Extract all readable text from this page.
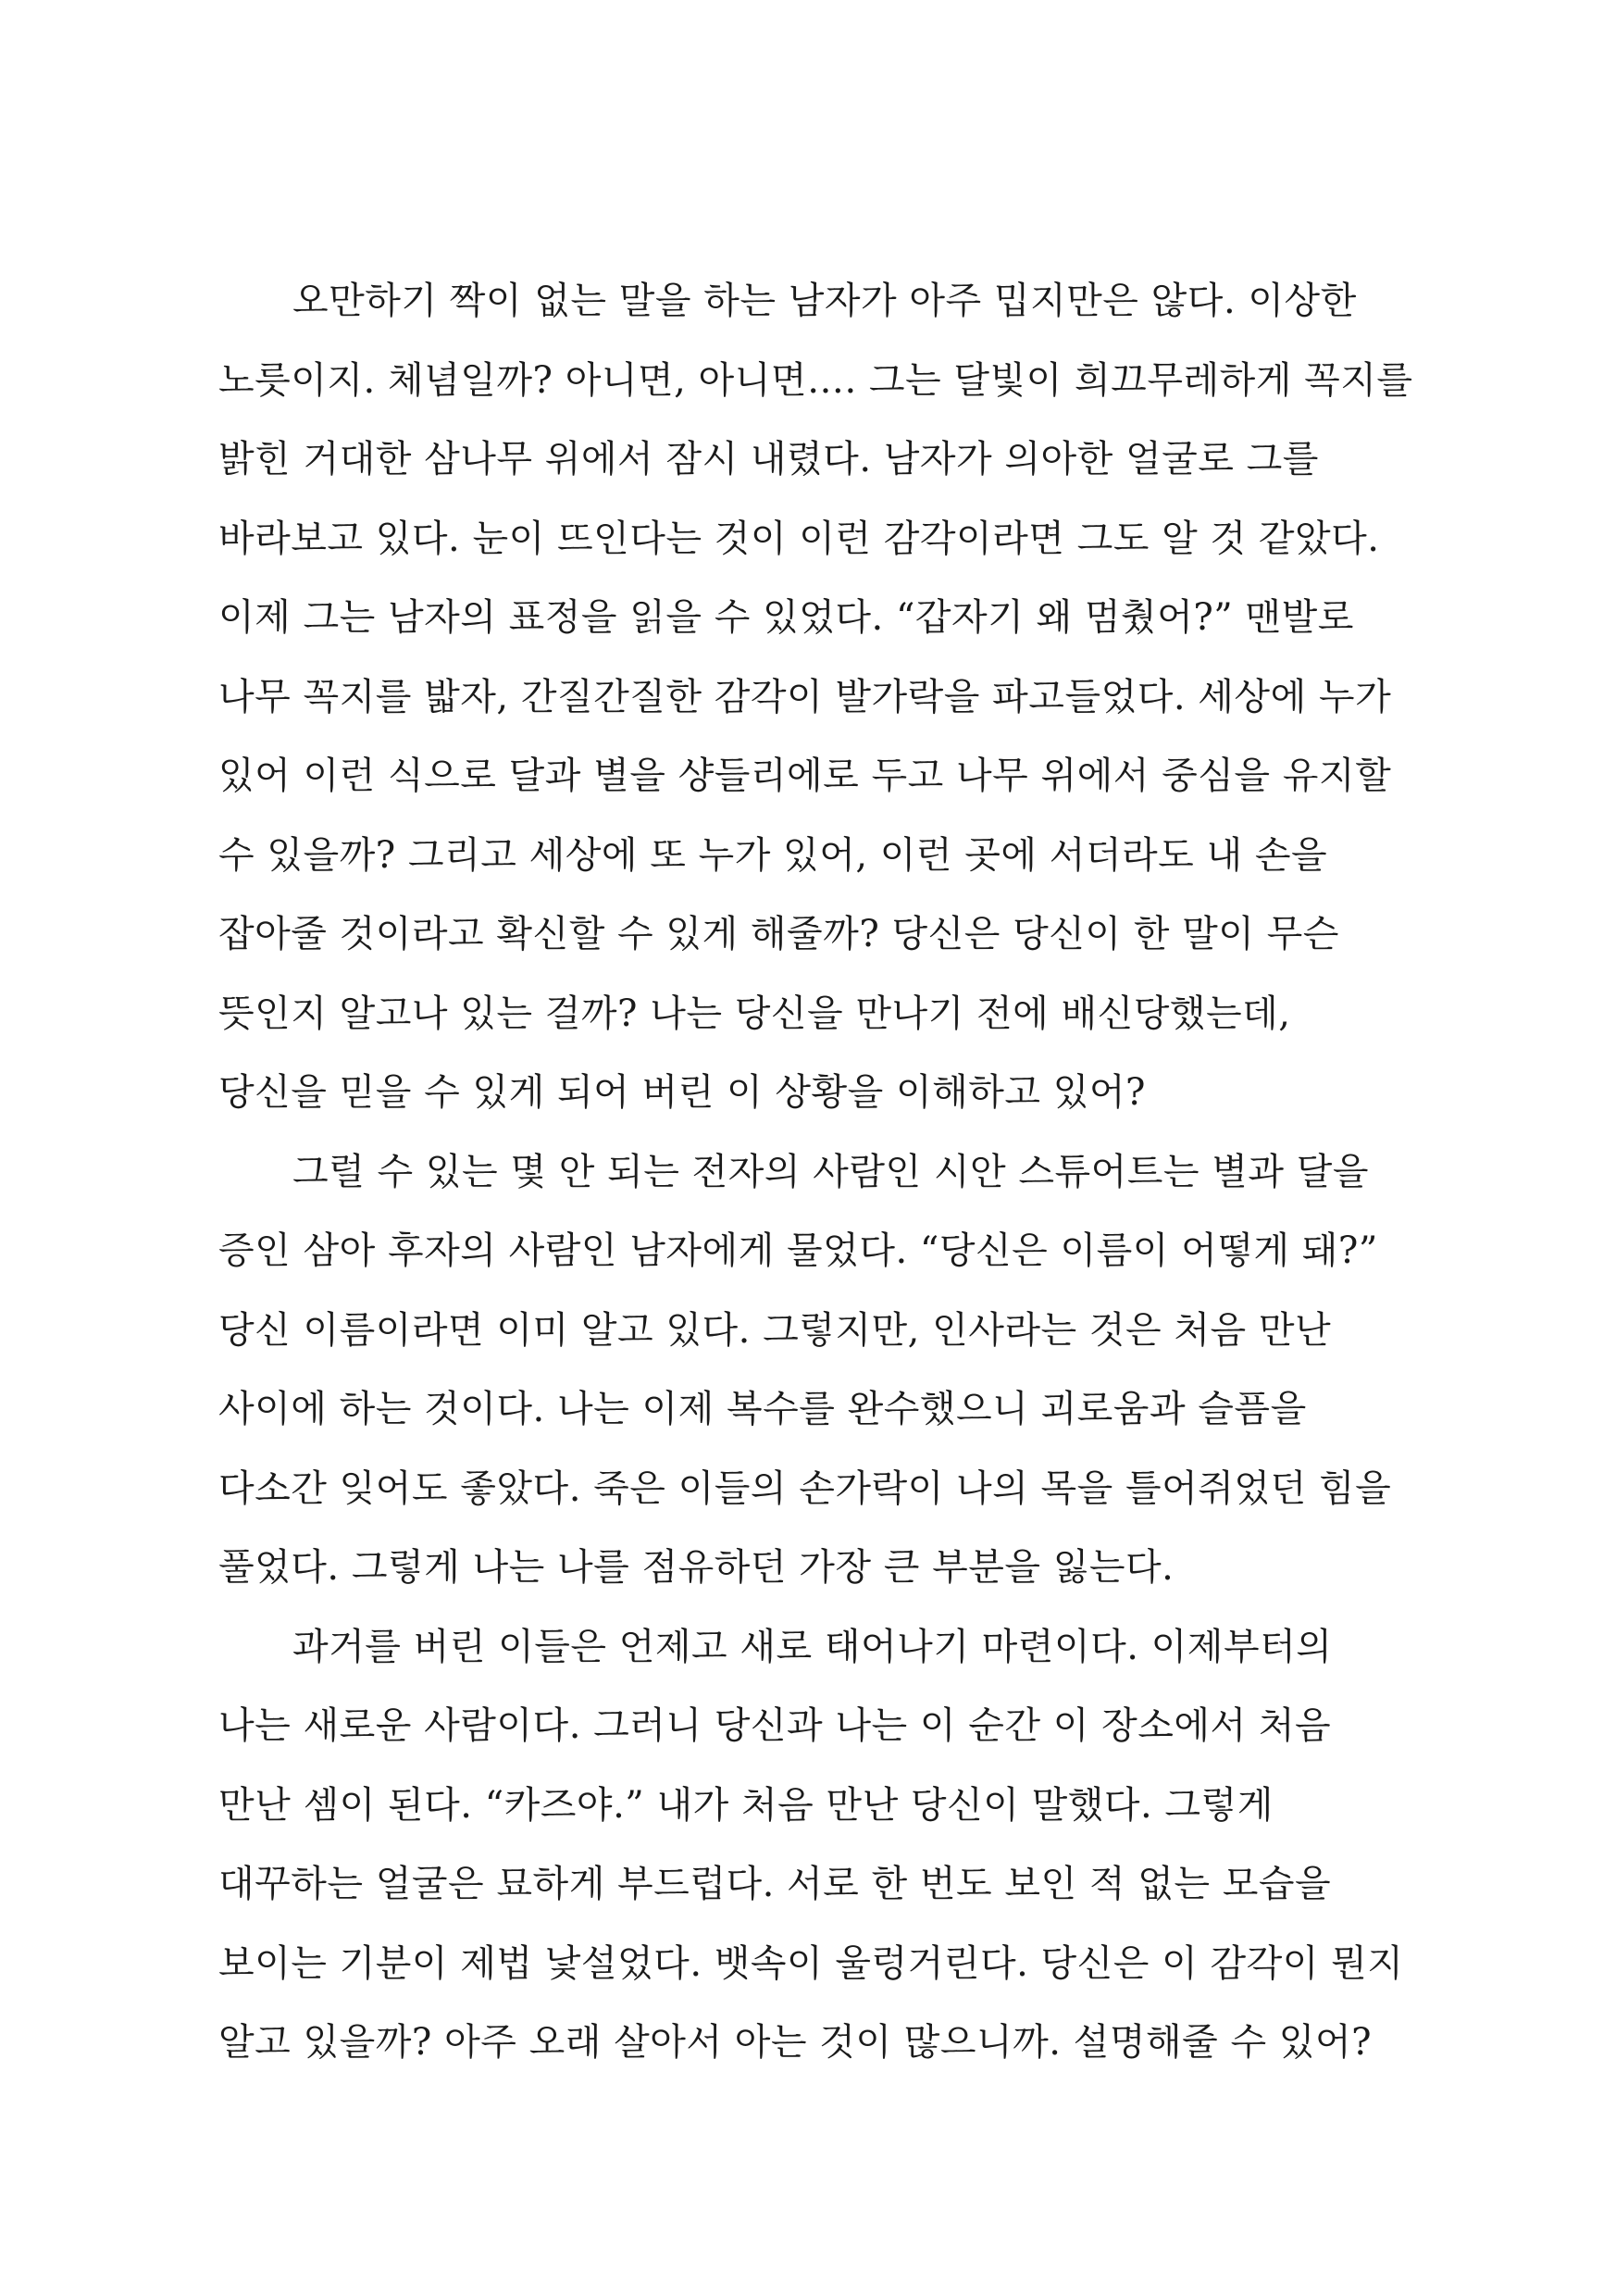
오만하기 짝이 없는 말을 하는 남자가 아주 밉지만은 않다. 이상한
노릇이지. 체념일까? 아니면, 아니면…. 그는 달빛이 희끄무레하게 꼭지를
밝힌 거대한 삼나무 위에서 잠시 내렸다. 남자가 의아한 얼굴로 그를
바라보고 있다. 눈이 뜨인다는 것이 이런 감각이라면 그도 알 것 같았다.
이제 그는 남자의 표정을 읽을 수 있었다. “갑자기 왜 멈췄어?” 맨발로
나무 꼭지를 밟자, 간질간질한 감각이 발가락을 파고들었다. 세상에 누가
있어 이런 식으로 달과 별을 샹들리에로 두고 나무 위에서 중심을 유지할
수 있을까? 그리고 세상에 또 누가 있어, 이런 곳에 서더라도 내 손을
잡아줄 것이라고 확신할 수 있게 해줄까? 당신은 당신이 한 말이 무슨
뜻인지 알고나 있는 걸까? 나는 당신을 만나기 전에 배신당했는데,
당신을 믿을 수 있게 되어 버린 이 상황을 이해하고 있어?
그럴 수 있는 몇 안 되는 전자의 사람인 시안 스튜어트는 별과 달을
증인 삼아 후자의 사람인 남자에게 물었다. “당신은 이름이 어떻게 돼?”
당신 이름이라면 이미 알고 있다. 그렇지만, 인사라는 것은 처음 만난
사이에 하는 것이다. 나는 이제 복수를 완수했으니 괴로움과 슬픔을
다소간 잊어도 좋았다. 죽은 이들의 손가락이 나의 목을 틀어쥐었던 힘을
풀었다. 그렇게 나는 나를 점유하던 가장 큰 부분을 잃는다.
과거를 버린 이들은 언제고 새로 태어나기 마련이다. 이제부터의
나는 새로운 사람이다. 그러니 당신과 나는 이 순간 이 장소에서 처음
만난 셈이 된다. “카즈야.” 내가 처음 만난 당신이 말했다. 그렇게
대꾸하는 얼굴은 묘하게 부드럽다. 서로 한 번도 보인 적 없는 모습을
보이는 기분이 제법 낯설었다. 뱃속이 울렁거린다. 당신은 이 감각이 뭔지
알고 있을까? 아주 오래 살아서 아는 것이 많으니까. 설명해줄 수 있어?
